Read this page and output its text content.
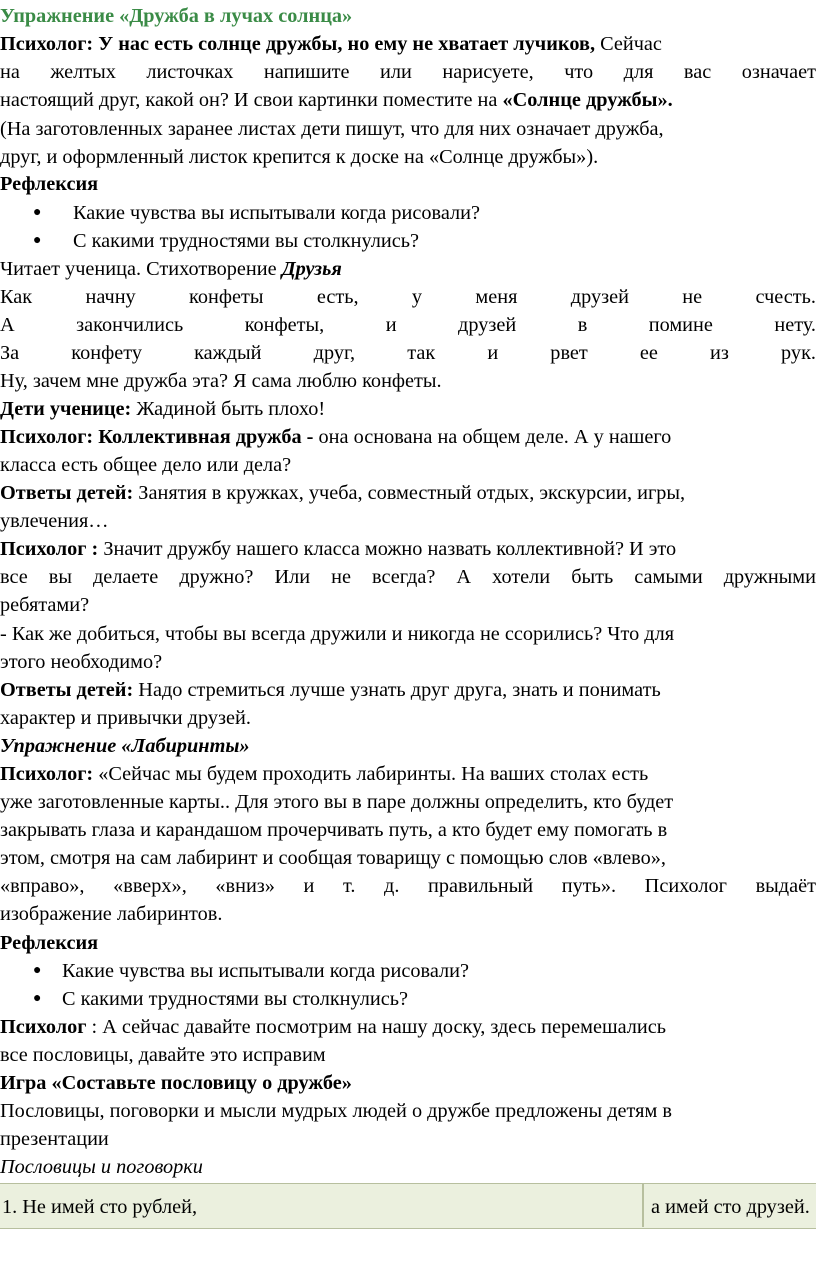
Упражнение «Дружба в лучах солнца»
Психолог: У нас есть солнце дружбы, но ему не хватает лучиков, Сейчас
на желтых листочках напишите или нарисуете, что для вас означает
настоящий друг, какой он? И свои картинки поместите на «Солнце дружбы».
(На заготовленных заранее листах дети пишут, что для них означает дружба,
друг, и оформленный листок крепится к доске на «Солнце дружбы»).
Рефлексия
● Какие чувства вы испытывали когда рисовали?
● С какими трудностями вы столкнулись?
Читает ученица. Стихотворение Друзья
Как начну конфеты есть, у меня друзей не счесть.
А закончились конфеты, и друзей в помине нету.
За конфету каждый друг, так и рвет ее из рук.
Ну, зачем мне дружба эта? Я сама люблю конфеты.
Дети ученице: Жадиной быть плохо!
Психолог: Коллективная дружба - она основана на общем деле. А у нашего
класса есть общее дело или дела?
Ответы детей: Занятия в кружках, учеба, совместный отдых, экскурсии, игры,
увлечения…
Психолог : Значит дружбу нашего класса можно назвать коллективной? И это
все вы делаете дружно? Или не всегда? А хотели быть самыми дружными
ребятами?
- Как же добиться, чтобы вы всегда дружили и никогда не ссорились? Что для
этого необходимо?
Ответы детей: Надо стремиться лучше узнать друг друга, знать и понимать
характер и привычки друзей.
Упражнение «Лабиринты»
Психолог: «Сейчас мы будем проходить лабиринты. На ваших столах есть
уже заготовленные карты.. Для этого вы в паре должны определить, кто будет
закрывать глаза и карандашом прочерчивать путь, а кто будет ему помогать в
этом, смотря на сам лабиринт и сообщая товарищу с помощью слов «влево»,
«вправо», «вверх», «вниз» и т. д. правильный путь». Психолог выдаёт
изображение лабиринтов.
Рефлексия
● Какие чувства вы испытывали когда рисовали?
● С какими трудностями вы столкнулись?
Психолог : А сейчас давайте посмотрим на нашу доску, здесь перемешались
все пословицы, давайте это исправим
Игра «Составьте пословицу о дружбе»
Пословицы, поговорки и мысли мудрых людей о дружбе предложены детям в
презентации
Пословицы и поговорки
1. Не имей сто рублей,	а имей сто друзей.
